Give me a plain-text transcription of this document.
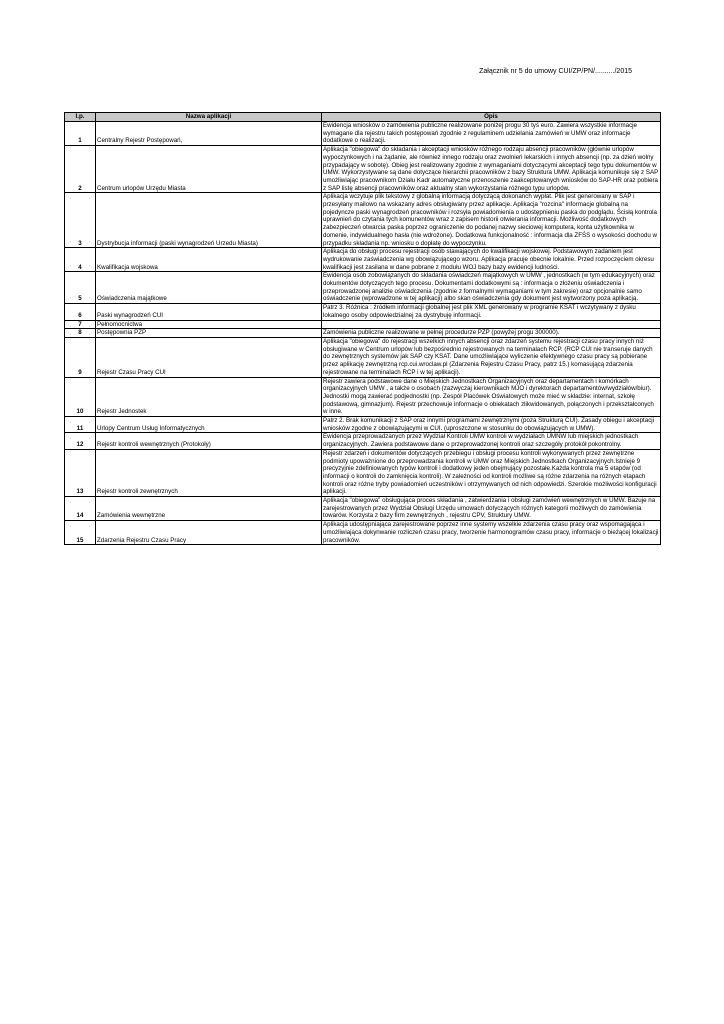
Załącznik nr 5 do umowy CUI/ZP/PN/........../2015
l.p.	Nazwa aplikacji	Opis
1	Centralny Rejestr Postępowań,	Ewidencja wniosków o zamówienia publiczne realizowane poniżej progu 30 tyś euro. Zawiera wszystkie informacje wymagane dla rejestru takich postępowań zgodnie z regulaminem udzielania zamówień w UMW oraz informacje dodatkowe o realizacji.
2	Centrum urlopów Urzędu Miasta	Aplikacja "obiegowa" do składania i akceptacji wniosków różnego rodzaju absencji pracowników (głównie urlopów wypoczynkowych i na żądanie, ale również innego rodzaju oraz zwolnień lekarskich i innych absencji (np. za dzień wolny przypadający w sobotę). Obieg jest realizowany zgodnie z wymaganiami dotyczącymi akceptacji tego typu dokumentów w UMW. Wykorzystywane są dane dotyczące hierarchii pracowników z bazy Struktura UMW. Aplikacja komunikuje się z SAP umożliwiając pracownikom Działu Kadr automatyczne przenoszenie zaakceptowanych wniosków do SAP-HR oraz pobiera z SAP listę absencji pracowników oraz aktualny stan wykorzystania różnego typu urlopów.
3	Dystrybucja informacji (paski wynagrodzeń Urzedu Miasta)	Aplikacja wczytuje plik tekstowy z globalną informacją dotyczącą dokonanch wypłat. Plik jest generowany w SAP i przesyłany mailowo na wskazany adres obsługiwany przez aplikacje. Aplikacja "rozcina" informacje globalną na pojedyncze paski wynagrodzeń pracowników i rozsyła powiadomienia o udostępnieniu paska do podglądu. Ścisłą kontrola uprawnień do czytania tych komunentów wraz z zapisem historii otwierania informacji. Możliwość dodatkowych zabezpieczeń otwarcia paska poprzez ograniczenie do podanej nazwy sieciowej komputera, konta użytkownika w domenie, indywidualnego hasła (nie wdrożone). Dodatkowa funkcjonalność : informacja dla ZFŚS o wysokości dochodu w przypadku składania np. wniosku o dopłatę do wypoczynku.
4	Kwalifikacja wojskowa	Aplikacja do obsługi procesu rejestracji osób stawających do kwalifikacji wojskowej. Podstawowym zadaniem jest wydrukowanie zaświadczenia wg obowiązującego wzoru. Aplikacja pracuje obecnie lokalnie. Przed rozpoczęciem okresu kwalifikacji jest zasilana w dane pobrane z modułu WOJ bazy bazy ewidencji ludności.
5	Oświadczenia majątkowe	Ewidencja osób zobowiązanych do składania oświadczeń majątkowych w UMW , jednostkach (w tym edukacyjnych) oraz dokumentów dotyczących tego procesu. Dokumentami dodatkowymi są : informacja o złożeniu oświadczenia i przeprowadzonej analizie oświadczenia (zgodnie z formalnymi wymaganiami w tym zakresie) oraz opcjonalnie samo oświadczenie (wprowadzone w tej aplikacji) albo skan oświadczenia gdy dokument jest wytworzony poza aplikacją.
6	Paski wynagrodzeń CUI	Patrz 3. Różnica : źródłem informacji globalnej jest plik XML generowany w programie KSAT i wczytywany z dysku lokalnego osoby odpowiedzialnej za dystrybuję informacji.
7	Pełnomocnictwa	
8	Postępownia PZP	Zamówienia publiczne realizowane w pełnej procedurze PZP (powyżej progu 300000).
9	Rejestr Czasu Pracy CUI	Aplikacja "obiegowa" do rejestracji wszelkich innych absencji oraz zdarzeń systemu rejestracji czasu pracy innych niż obsługiwane w Centrum urlopów lub bezpośrednio rejestrowanych na terminalach RCP. (RCP CUI nie transeruje danych do zewnętrznych systemów jak SAP czy KSAT. Dane umożliwiające wyliczenie efektywnego czasu pracy są pobierane przez aplikację zewnętrzną rcp.cui.wroclaw.pl (Zdarzenia Rejestru Czasu Pracy, patrz 15.) komasującą zdarzenia rejestrowane na terminalach RCP i w tej aplikacji).
10	Rejestr Jednostek	Rejestr zawiera podstawowe dane o Miejskich Jednostkach Organizacyjnych oraz departamentach i komórkach organizacyjnych UMW , a także o osobach (zazwyczaj kierownikach MJO i dyrektorach departamentów/wydziałów/biur). Jednostki mogą zawierać podjednostki (np. Zespół Placówek Oświatowych może mieć w składzie: internat, szkołę podstawową, gimnazjum). Rejestr przechowuje informacje o obiekatach zlikwidowanych, połączonych i przekształconych w inne.
11	Urlopy Centrum Usług Informatycznych	Patrz 2. Brak komunikacji z SAP oraz innymi programami zewnętrznymi (poza Strukturą CUI). Zasady obiegu i akceptacji wniosków zgodne z obowiązującymi w CUI. (uproszczone w stosunku do obowiązujących w UMW).
12	Rejestr kontroli wewnętrznych (Protokoły)	Ewidencja przeprowadzanych przez Wydział Kontroli UMW kontroli w wydziałach UMNW lub miejskich jednostkach organizacyjnych. Zawiera podstawowe dane o przeprowadzonej kontroli oraz szczegóły protokół pokontrolny.
13	Rejestr kontroli zewnętrznych	Rejestr zdarzeń i dokumentów dotyczących przebiegu i obsługi procesu kontroli wykonywanych przez zewnętrzne podmioty upoważnione do przeprowadzania kontroli w UMW oraz Miejskich Jednostkach Organizacyjnych.Istnieje 9 precyzyjnie zdefiniowanych typów kontroli i dodatkowy jeden obejmujący pozostałe.Każda kontrola ma 5 etapów (od informacji o kontroli do zamknięcia kontroli). W zależności od kontroli możliwe są różne zdarzenia na różnych etapach kontroli oraz różne tryby powiadomień uczestników i otrzymywanych od nich odpowiedzi. Szerokie możliwości konfiguracji aplikacji.
14	Zamówienia wewnętrzne	Aplikacja "obiegowa" obsługująca proces składania , zatwierdzania i obsługi zamówień wewnętrznych w UMW. Bazuje na zarejestrowanych przez Wydział Obsługi Urzędu umowach dotyczących różnych kategorii możliwych do zamówienia towarów. Korzysta z bazy firm zewnętrznych , rejestru CPV, Struktury UMW.
15	Zdarzenia Rejestru Czasu Pracy	Aplikacja udostępniająca zarejestrowane poprzez inne systemy wszelkie zdarzenia czasu pracy oraz wspomagająca i umożliwiająca dokynwanie rozliczeń czasu pracy, tworzenie harmonogramów czasu pracy, informacje o bieżącej lokalizacji pracowników.
